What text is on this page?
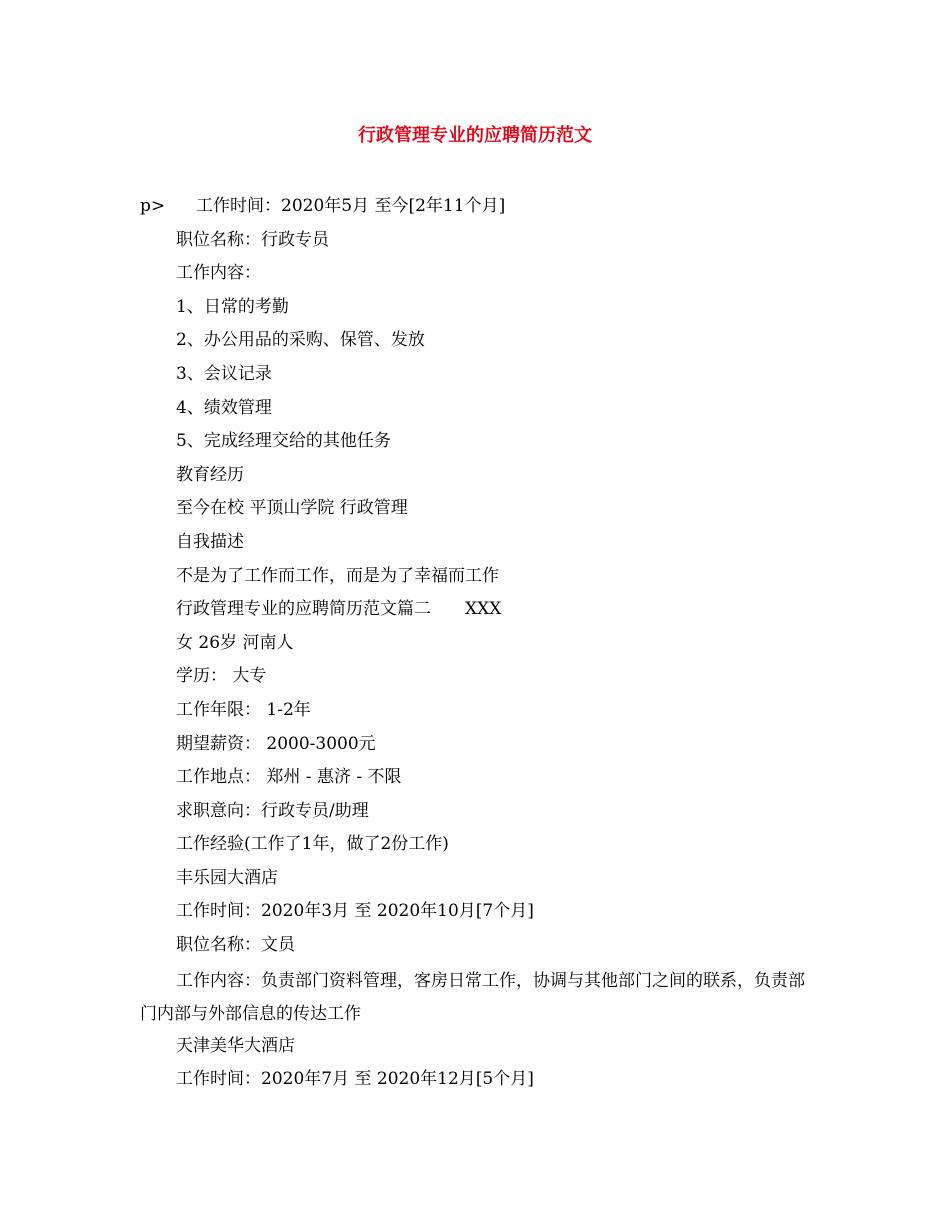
行政管理专业的应聘简历范文
p> 工作时间：2020年5月 至今[2年11个月]
职位名称：行政专员
工作内容：
1、日常的考勤
2、办公用品的采购、保管、发放
3、会议记录
4、绩效管理
5、完成经理交给的其他任务
教育经历
至今在校 平顶山学院 行政管理
自我描述
不是为了工作而工作，而是为了幸福而工作
行政管理专业的应聘简历范文篇二　　XXX
女 26岁 河南人
学历： 大专
工作年限： 1-2年
期望薪资： 2000-3000元
工作地点： 郑州 - 惠济 - 不限
求职意向：行政专员/助理
工作经验(工作了1年，做了2份工作)
丰乐园大酒店
工作时间：2020年3月 至 2020年10月[7个月]
职位名称：文员
工作内容：负责部门资料管理，客房日常工作，协调与其他部门之间的联系，负责部门内部与外部信息的传达工作
天津美华大酒店
工作时间：2020年7月 至 2020年12月[5个月]
